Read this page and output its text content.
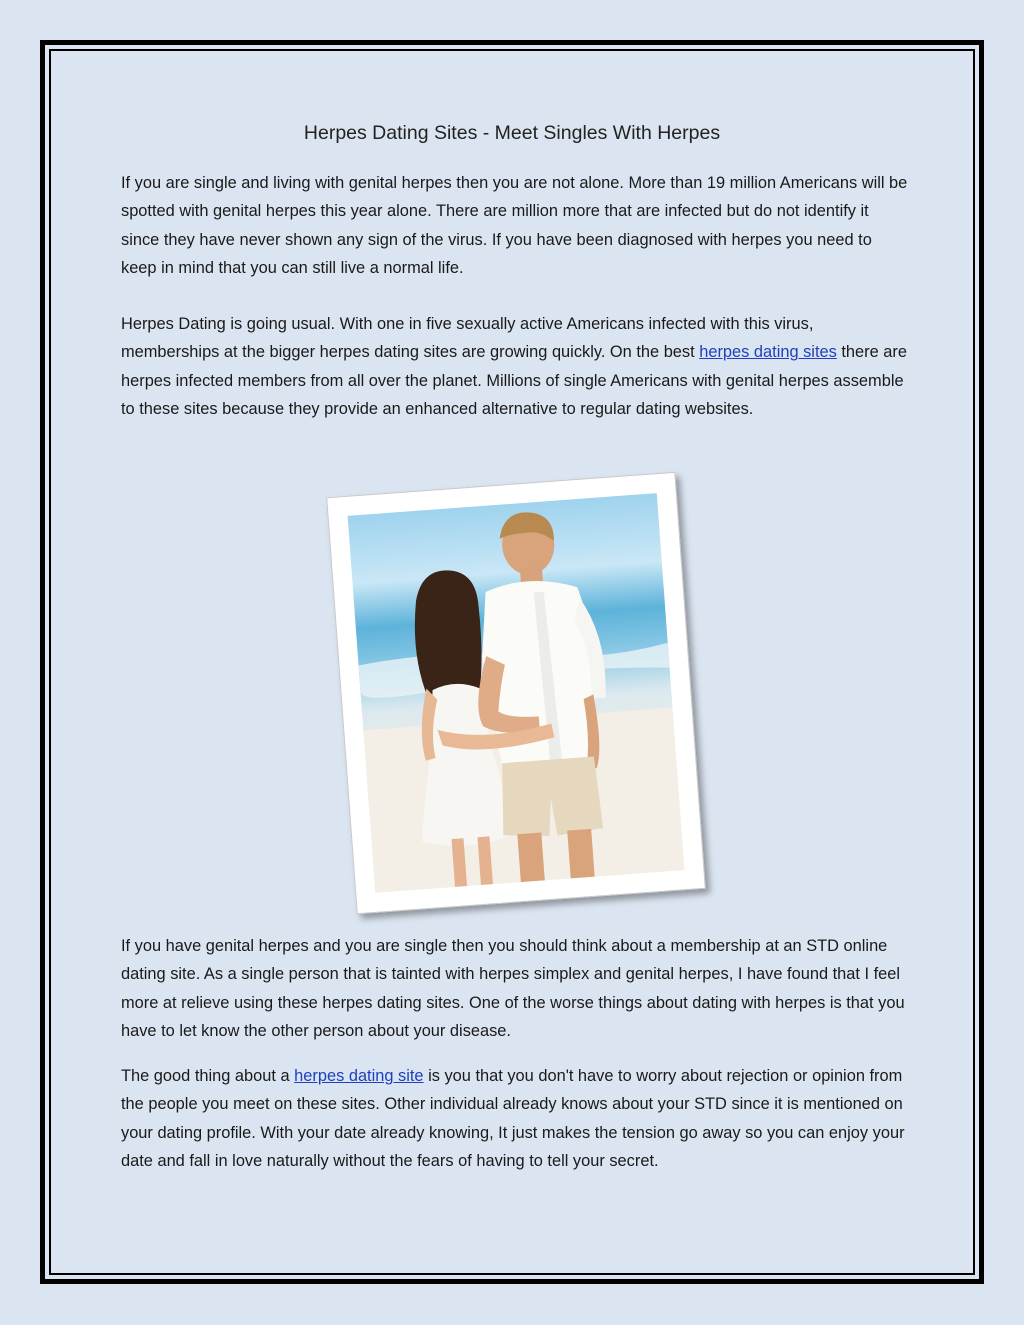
Herpes Dating Sites - Meet Singles With Herpes

If you are single and living with genital herpes then you are not alone. More than 19 million Americans will be spotted with genital herpes this year alone. There are million more that are infected but do not identify it since they have never shown any sign of the virus. If you have been diagnosed with herpes you need to keep in mind that you can still live a normal life.

Herpes Dating is going usual. With one in five sexually active Americans infected with this virus, memberships at the bigger herpes dating sites are growing quickly. On the best herpes dating sites there are herpes infected members from all over the planet. Millions of single Americans with genital herpes assemble to these sites because they provide an enhanced alternative to regular dating websites.

If you have genital herpes and you are single then you should think about a membership at an STD online dating site. As a single person that is tainted with herpes simplex and genital herpes, I have found that I feel more at relieve using these herpes dating sites. One of the worse things about dating with herpes is that you have to let know the other person about your disease.

The good thing about a herpes dating site is you that you don't have to worry about rejection or opinion from the people you meet on these sites. Other individual already knows about your STD since it is mentioned on your dating profile. With your date already knowing, It just makes the tension go away so you can enjoy your date and fall in love naturally without the fears of having to tell your secret.
